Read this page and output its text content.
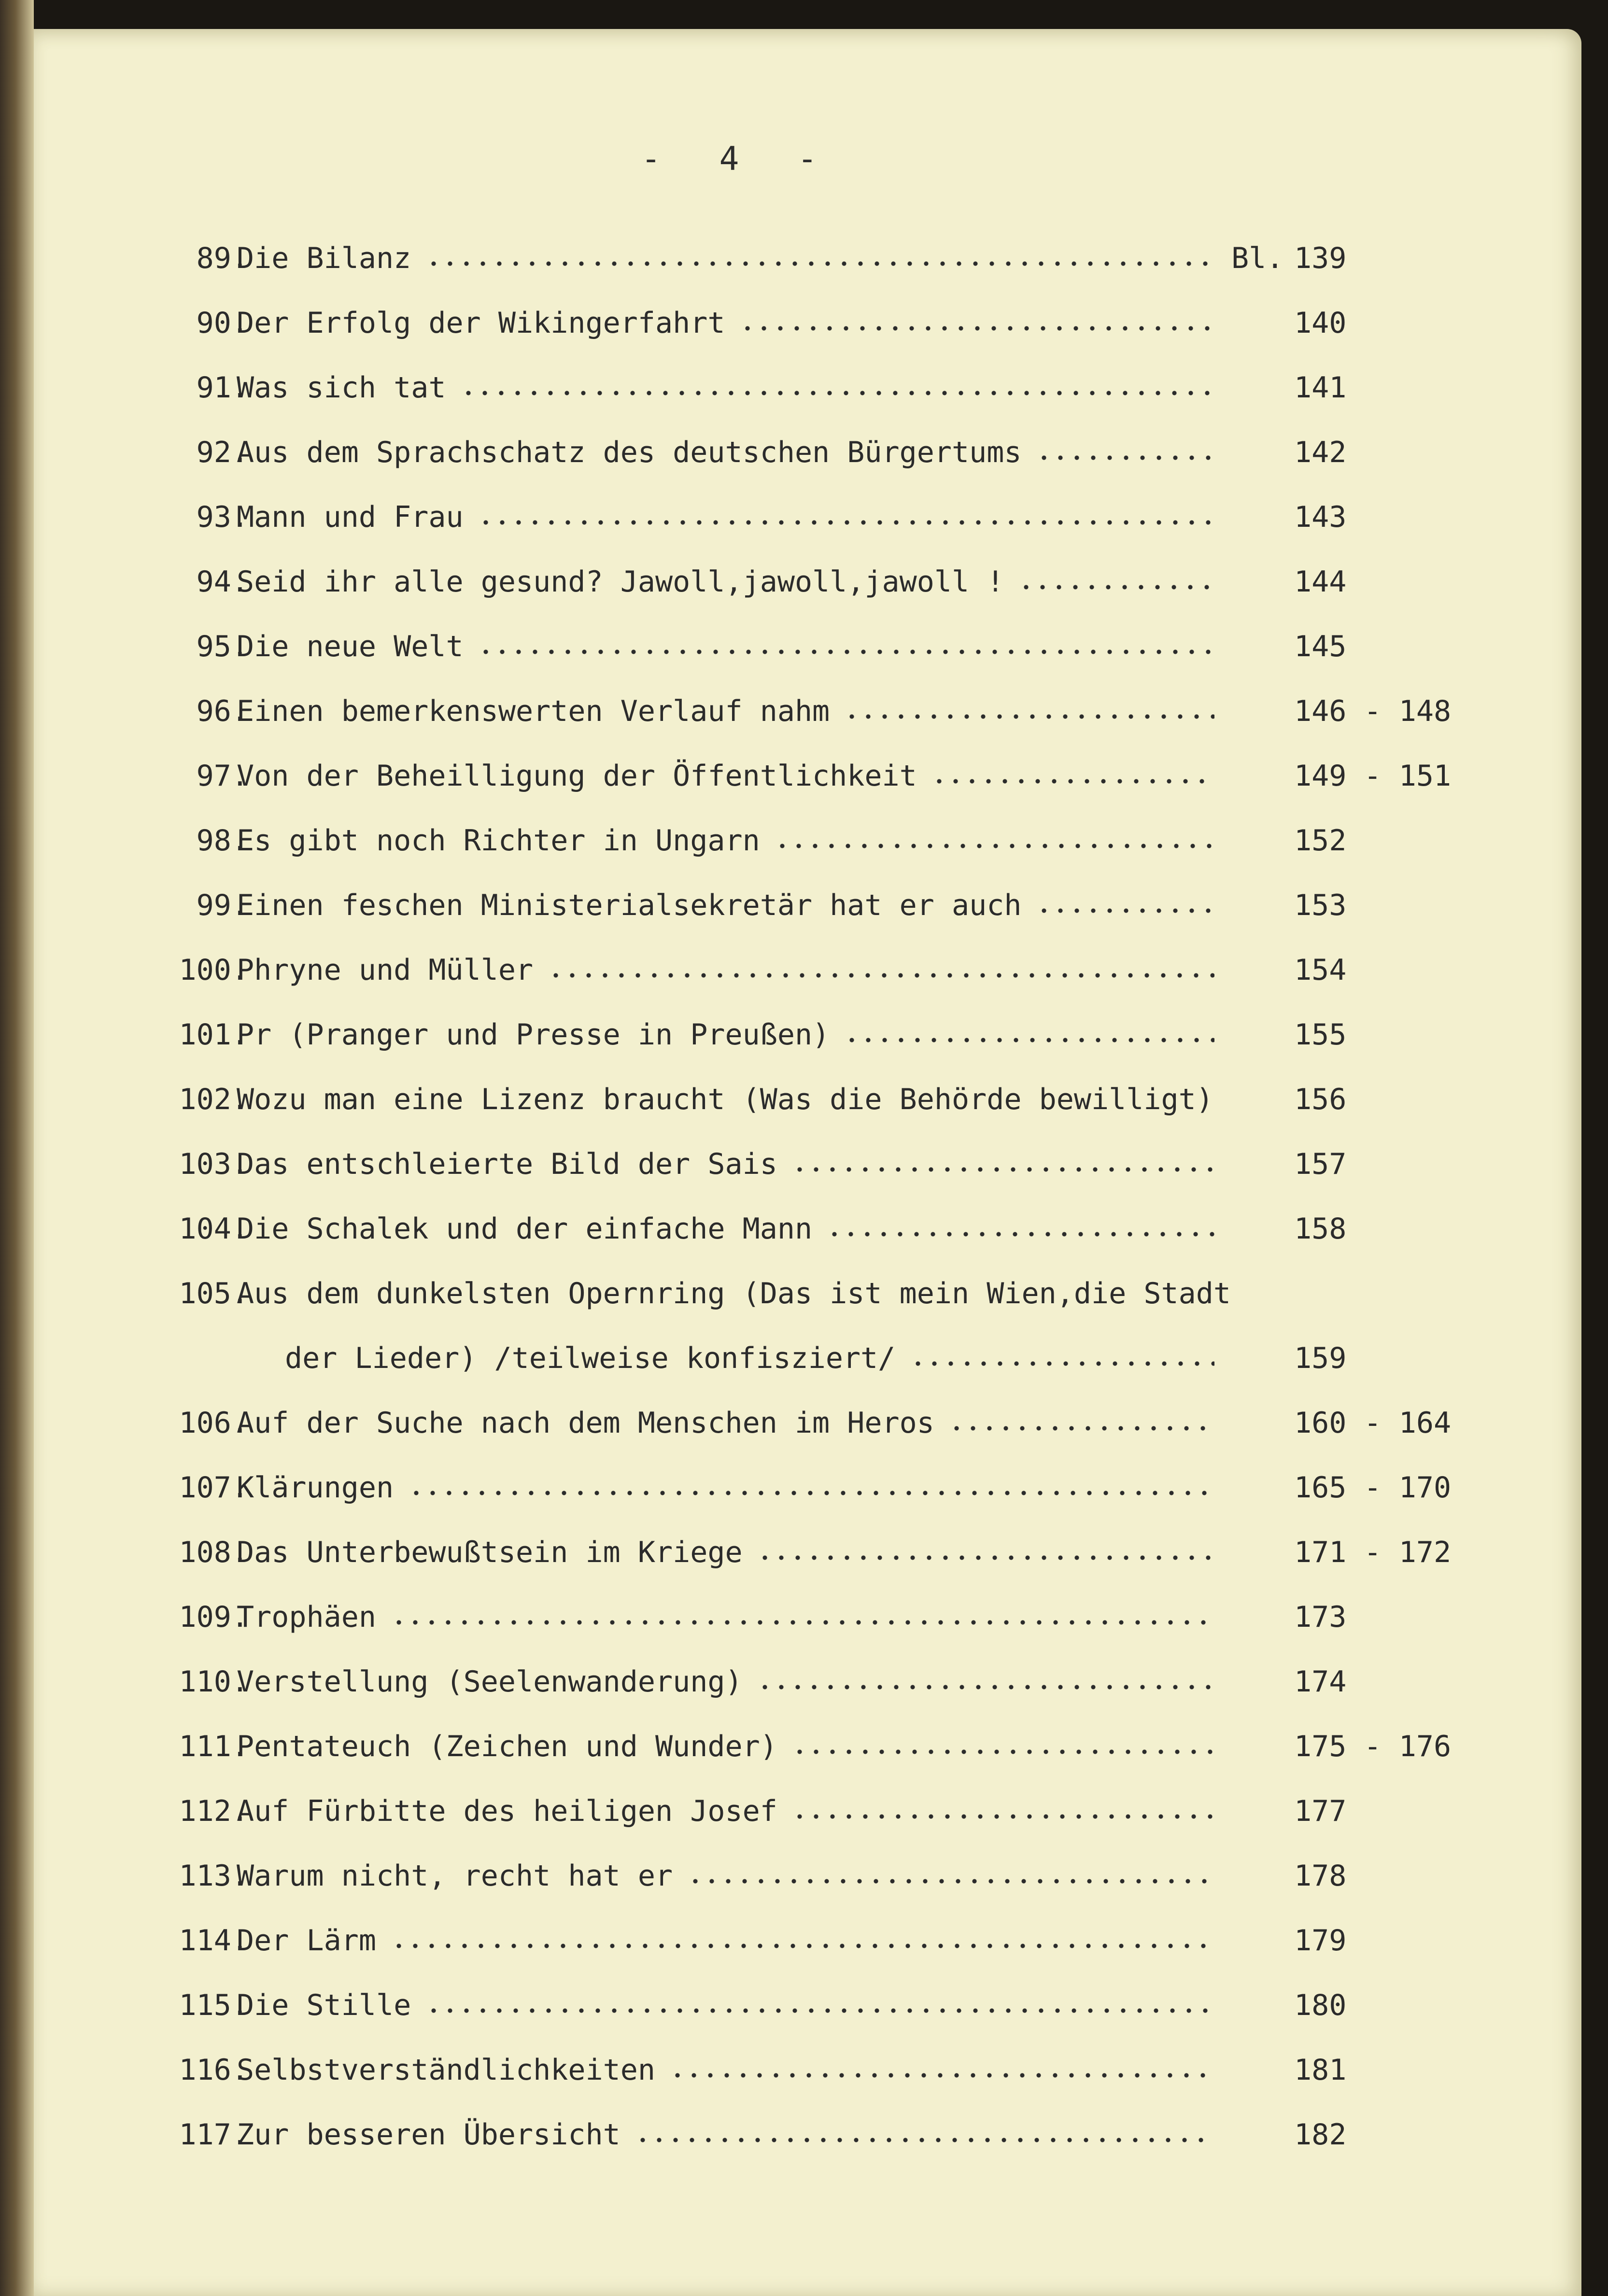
- 4 -
89.
Die Bilanz	Bl. 139
90.
Der Erfolg der Wikingerfahrt	140
91.
Was sich tat	141
92.
Aus dem Sprachschatz des deutschen Bürgertums	142
93.
Mann und Frau	143
94.
Seid ihr alle gesund? Jawoll,jawoll,jawoll !	144
95.
Die neue Welt	145
96.
Einen bemerkenswerten Verlauf nahm	146 - 148
97.
Von der Beheilligung der Öffentlichkeit	149 - 151
98.
Es gibt noch Richter in Ungarn	152
99.
Einen feschen Ministerialsekretär hat er auch	153
100.
Phryne und Müller	154
101.
Pr (Pranger und Presse in Preußen)	155
102.
Wozu man eine Lizenz braucht (Was die Behörde bewilligt)	156
103.
Das entschleierte Bild der Sais	157
104.
Die Schalek und der einfache Mann	158
105.
Aus dem dunkelsten Opernring (Das ist mein Wien,die Stadt
der Lieder) /teilweise konfisziert/	159
106.
Auf der Suche nach dem Menschen im Heros	160 - 164
107.
Klärungen	165 - 170
108.
Das Unterbewußtsein im Kriege	171 - 172
109.
Trophäen	173
110.
Verstellung (Seelenwanderung)	174
111.
Pentateuch (Zeichen und Wunder)	175 - 176
112.
Auf Fürbitte des heiligen Josef	177
113.
Warum nicht, recht hat er	178
114.
Der Lärm	179
115.
Die Stille	180
116.
Selbstverständlichkeiten	181
117.
Zur besseren Übersicht	182
